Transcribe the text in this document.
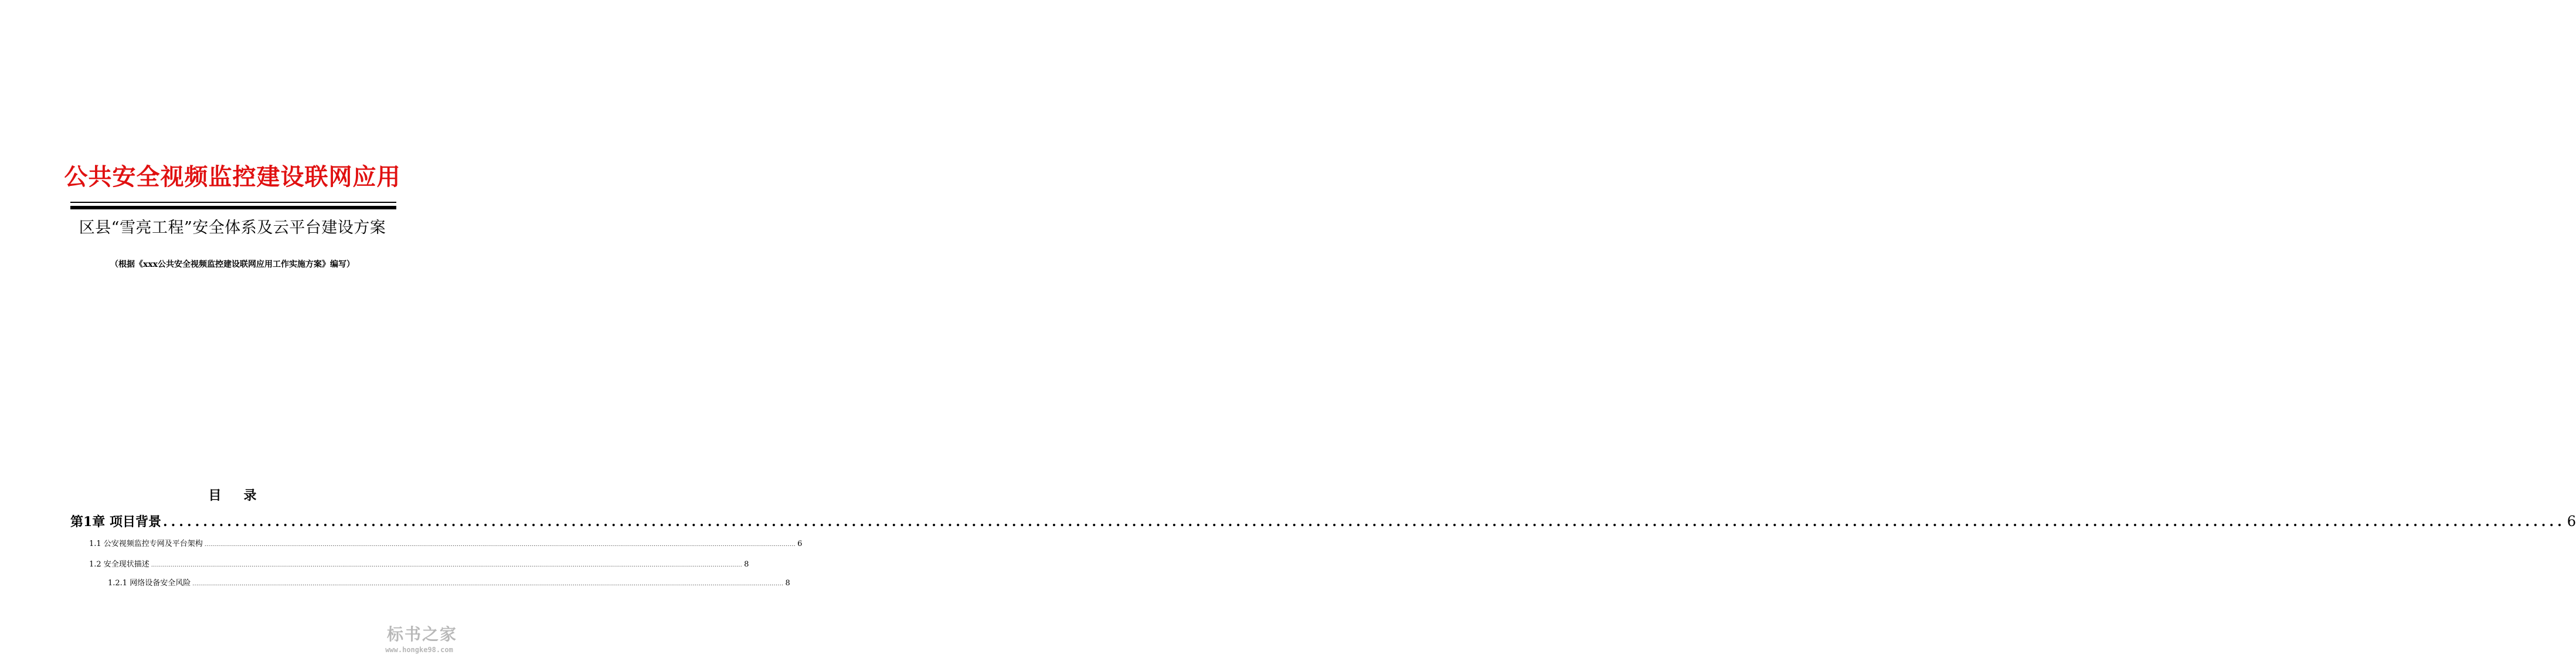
公共安全视频监控建设联网应用
区县“雪亮工程”安全体系及云平台建设方案
（根据《xxx公共安全视频监控建设联网应用工作实施方案》编写）
目录
第1章 项目背景 ............................................................................................................................................................................................................................................................................................................ 6
1.1 公安视频监控专网及平台架构 ............................................................................................................................................................................................................................................................................................................ 6
1.2 安全现状描述 ............................................................................................................................................................................................................................................................................................................ 8
1.2.1 网络设备安全风险 ............................................................................................................................................................................................................................................................................................................ 8
标书之家
www.hongke98.com
